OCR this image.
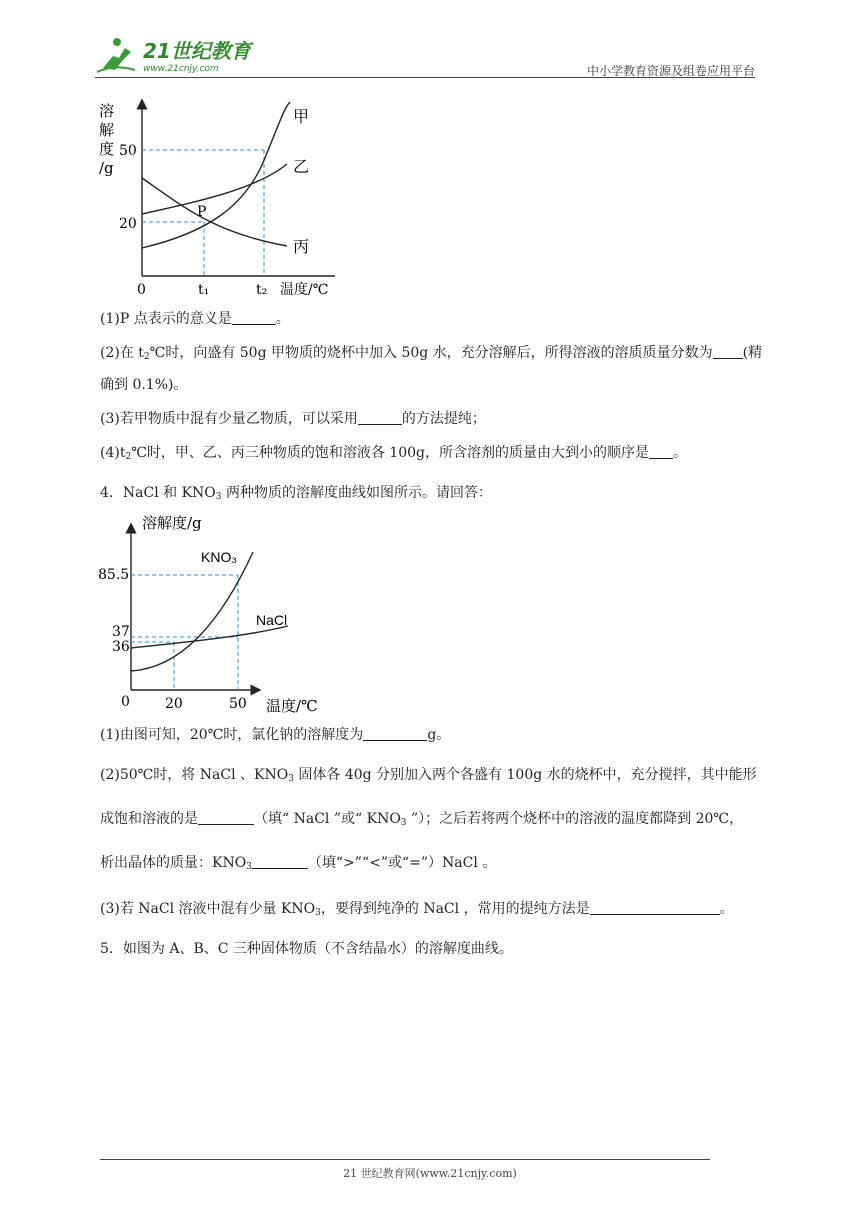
21世纪教育
www.21cnjy.com	中小学教育资源及组卷应用平台
溶
解
度
/g
50
20
0
P
甲
乙
丙
t₁	t₂ 温度/℃
(1)P 点表示的意义是	。
(2)在 $t_2℃$时，向盛有 50g 甲物质的烧杯中加入 50g 水，充分溶解后，所得溶液的溶质质量分数为 (精
确到 0.1%)。
(3)若甲物质中混有少量乙物质，可以采用	的方法提纯；
$(4)t_2℃$时，甲、乙、丙三种物质的饱和溶液各 100g，所含溶剂的质量由大到小的顺序是 。
4．NaCl 和 $KNO_3$ 两种物质的溶解度曲线如图所示。请回答：
溶解度/g
KNO₃
NaCl
85.5
37
36
0	20	50 温度/℃
(1)由图可知，20℃时，氯化钠的溶解度为	g。
(2)50℃时，将 NaCl 、$KNO_3$ 固体各 40g 分别加入两个各盛有 100g 水的烧杯中，充分搅拌，其中能形
成饱和溶液的是	（填“ NaCl ”或“ $KNO_3$ ”）；之后若将两个烧杯中的溶液的温度都降到 20℃，
析出晶体的质量：$KNO_3$	（填“>”“<”或“=”）NaCl 。
(3)若 NaCl 溶液中混有少量 $KNO_3$，要得到纯净的 NaCl ，常用的提纯方法是	。
5．如图为 A、B、C 三种固体物质（不含结晶水）的溶解度曲线。
21 世纪教育网(www.21cnjy.com)
